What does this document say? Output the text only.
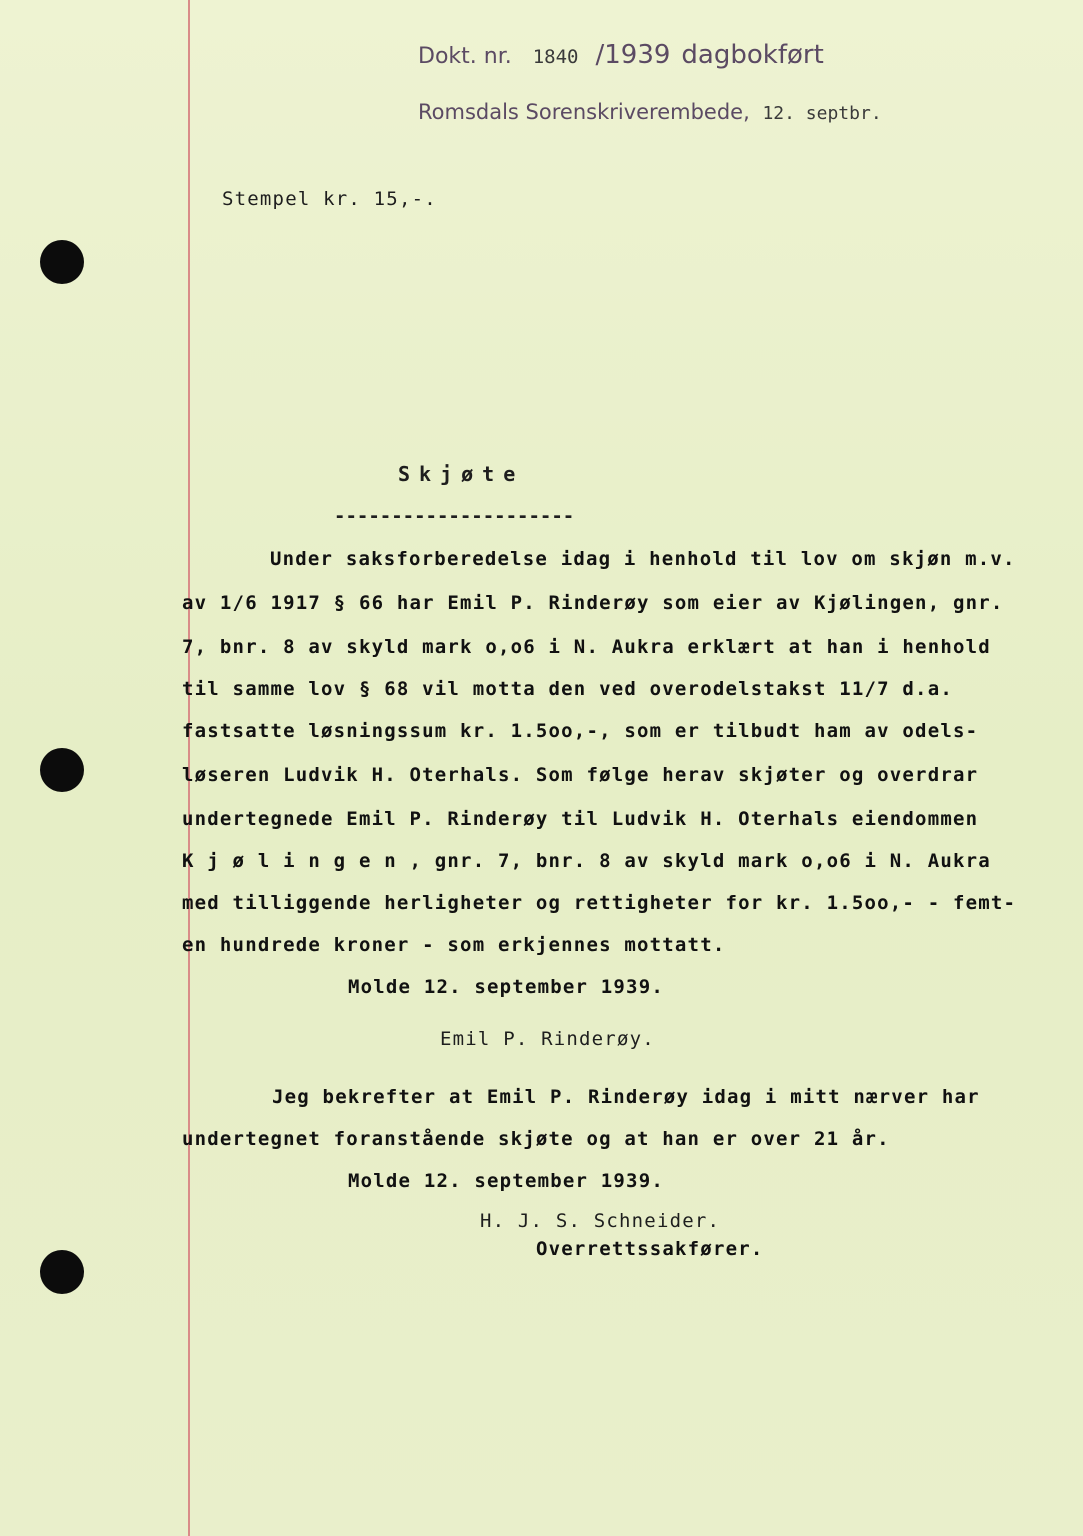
Dokt. nr. 1840 /1939 dagbokført
Romsdals Sorenskriverembede, 12. septbr.
Stempel kr. 15,-.
Skjøte
---------------------
Under saksforberedelse idag i henhold til lov om skjøn m.v.
av 1/6 1917 § 66 har Emil P. Rinderøy som eier av Kjølingen, gnr.
7, bnr. 8 av skyld mark o,o6 i N. Aukra erklært at han i henhold
til samme lov § 68 vil motta den ved overodelstakst 11/7 d.a.
fastsatte løsningssum kr. 1.5oo,-, som er tilbudt ham av odels-
løseren Ludvik H. Oterhals. Som følge herav skjøter og overdrar
undertegnede Emil P. Rinderøy til Ludvik H. Oterhals eiendommen
K j ø l i n g e n , gnr. 7, bnr. 8 av skyld mark o,o6 i N. Aukra
med tilliggende herligheter og rettigheter for kr. 1.5oo,- - femt-
en hundrede kroner - som erkjennes mottatt.
Molde 12. september 1939.
Emil P. Rinderøy.
Jeg bekrefter at Emil P. Rinderøy idag i mitt nærver har
undertegnet foranstående skjøte og at han er over 21 år.
Molde 12. september 1939.
H. J. S. Schneider.
Overrettssakfører.
